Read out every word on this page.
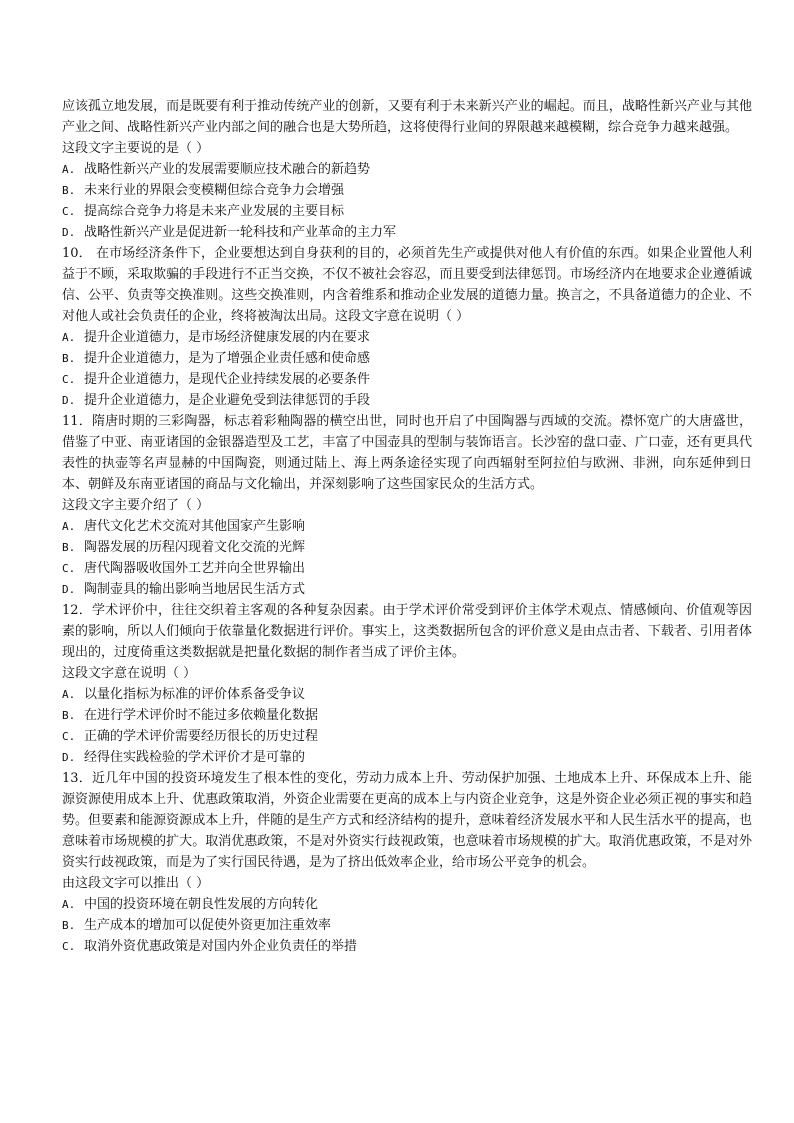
应该孤立地发展，而是既要有利于推动传统产业的创新，又要有利于未来新兴产业的崛起。而且，战略性新兴产业与其他产业之间、战略性新兴产业内部之间的融合也是大势所趋，这将使得行业间的界限越来越模糊，综合竞争力越来越强。

这段文字主要说的是（ ）

A. 战略性新兴产业的发展需要顺应技术融合的新趋势

B. 未来行业的界限会变模糊但综合竞争力会增强

C. 提高综合竞争力将是未来产业发展的主要目标

D. 战略性新兴产业是促进新一轮科技和产业革命的主力军

10． 在市场经济条件下，企业要想达到自身获利的目的，必须首先生产或提供对他人有价值的东西。如果企业置他人利益于不顾，采取欺骗的手段进行不正当交换，不仅不被社会容忍，而且要受到法律惩罚。市场经济内在地要求企业遵循诚信、公平、负责等交换准则。这些交换准则，内含着维系和推动企业发展的道德力量。换言之，不具备道德力的企业、不对他人或社会负责任的企业，终将被淘汰出局。这段文字意在说明（ ）

A. 提升企业道德力，是市场经济健康发展的内在要求

B. 提升企业道德力，是为了增强企业责任感和使命感

C. 提升企业道德力，是现代企业持续发展的必要条件

D. 提升企业道德力，是企业避免受到法律惩罚的手段

11．隋唐时期的三彩陶器，标志着彩釉陶器的横空出世，同时也开启了中国陶器与西域的交流。襟怀宽广的大唐盛世，借鉴了中亚、南亚诸国的金银器造型及工艺，丰富了中国壶具的型制与装饰语言。长沙窑的盘口壶、广口壶，还有更具代表性的执壶等名声显赫的中国陶瓷，则通过陆上、海上两条途径实现了向西辐射至阿拉伯与欧洲、非洲，向东延伸到日本、朝鲜及东南亚诸国的商品与文化输出，并深刻影响了这些国家民众的生活方式。

这段文字主要介绍了（ ）

A. 唐代文化艺术交流对其他国家产生影响

B. 陶器发展的历程闪现着文化交流的光辉

C. 唐代陶器吸收国外工艺并向全世界输出

D. 陶制壶具的输出影响当地居民生活方式

12．学术评价中，往往交织着主客观的各种复杂因素。由于学术评价常受到评价主体学术观点、情感倾向、价值观等因素的影响，所以人们倾向于依靠量化数据进行评价。事实上，这类数据所包含的评价意义是由点击者、下载者、引用者体现出的，过度倚重这类数据就是把量化数据的制作者当成了评价主体。

这段文字意在说明（ ）

A. 以量化指标为标准的评价体系备受争议

B. 在进行学术评价时不能过多依赖量化数据

C. 正确的学术评价需要经历很长的历史过程

D. 经得住实践检验的学术评价才是可靠的

13．近几年中国的投资环境发生了根本性的变化，劳动力成本上升、劳动保护加强、土地成本上升、环保成本上升、能源资源使用成本上升、优惠政策取消，外资企业需要在更高的成本上与内资企业竞争，这是外资企业必须正视的事实和趋势。但要素和能源资源成本上升，伴随的是生产方式和经济结构的提升，意味着经济发展水平和人民生活水平的提高，也意味着市场规模的扩大。取消优惠政策，不是对外资实行歧视政策，也意味着市场规模的扩大。取消优惠政策，不是对外资实行歧视政策，而是为了实行国民待遇，是为了挤出低效率企业，给市场公平竞争的机会。

由这段文字可以推出（ ）

A. 中国的投资环境在朝良性发展的方向转化

B. 生产成本的增加可以促使外资更加注重效率

C. 取消外资优惠政策是对国内外企业负责任的举措
